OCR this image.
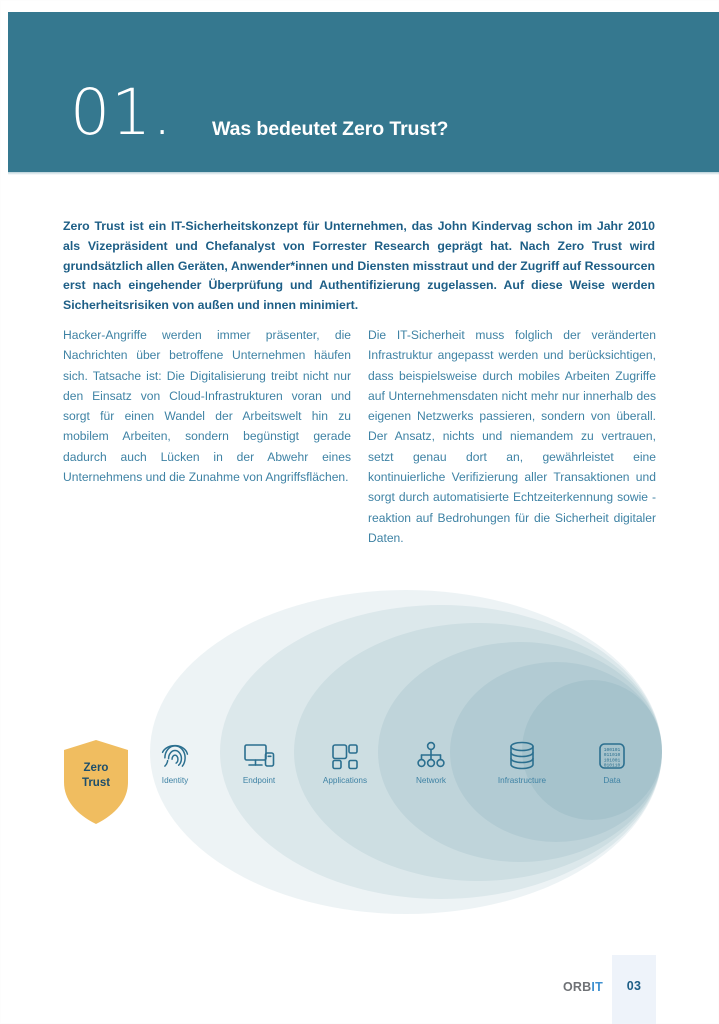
01. Was bedeutet Zero Trust?
Zero Trust ist ein IT-Sicherheitskonzept für Unternehmen, das John Kindervag schon im Jahr 2010 als Vizepräsident und Chefanalyst von Forrester Research geprägt hat. Nach Zero Trust wird grundsätzlich allen Geräten, Anwender*innen und Diensten misstraut und der Zugriff auf Ressourcen erst nach eingehender Überprüfung und Authentifizierung zugelassen. Auf diese Weise werden Sicherheitsrisiken von außen und innen minimiert.
Hacker-Angriffe werden immer präsenter, die Nachrichten über betroffene Unternehmen häufen sich. Tatsache ist: Die Digitalisierung treibt nicht nur den Einsatz von Cloud-Infrastrukturen voran und sorgt für einen Wandel der Arbeitswelt hin zu mobilem Arbeiten, sondern begünstigt gerade dadurch auch Lücken in der Abwehr eines Unternehmens und die Zunahme von Angriffsflächen.
Die IT-Sicherheit muss folglich der veränderten Infrastruktur angepasst werden und berücksichtigen, dass beispielsweise durch mobiles Arbeiten Zugriffe auf Unternehmensdaten nicht mehr nur innerhalb des eigenen Netzwerks passieren, sondern von überall. Der Ansatz, nichts und niemandem zu vertrauen, setzt genau dort an, gewährleistet eine kontinuierliche Verifizierung aller Transaktionen und sorgt durch automatisierte Echtzeiterkennung sowie -reaktion auf Bedrohungen für die Sicherheit digitaler Daten.
Zero
Trust	Identity	Endpoint	Applications	Network	Infrastructure
100101
011010
101001
010110
Data
ORBIT	03
